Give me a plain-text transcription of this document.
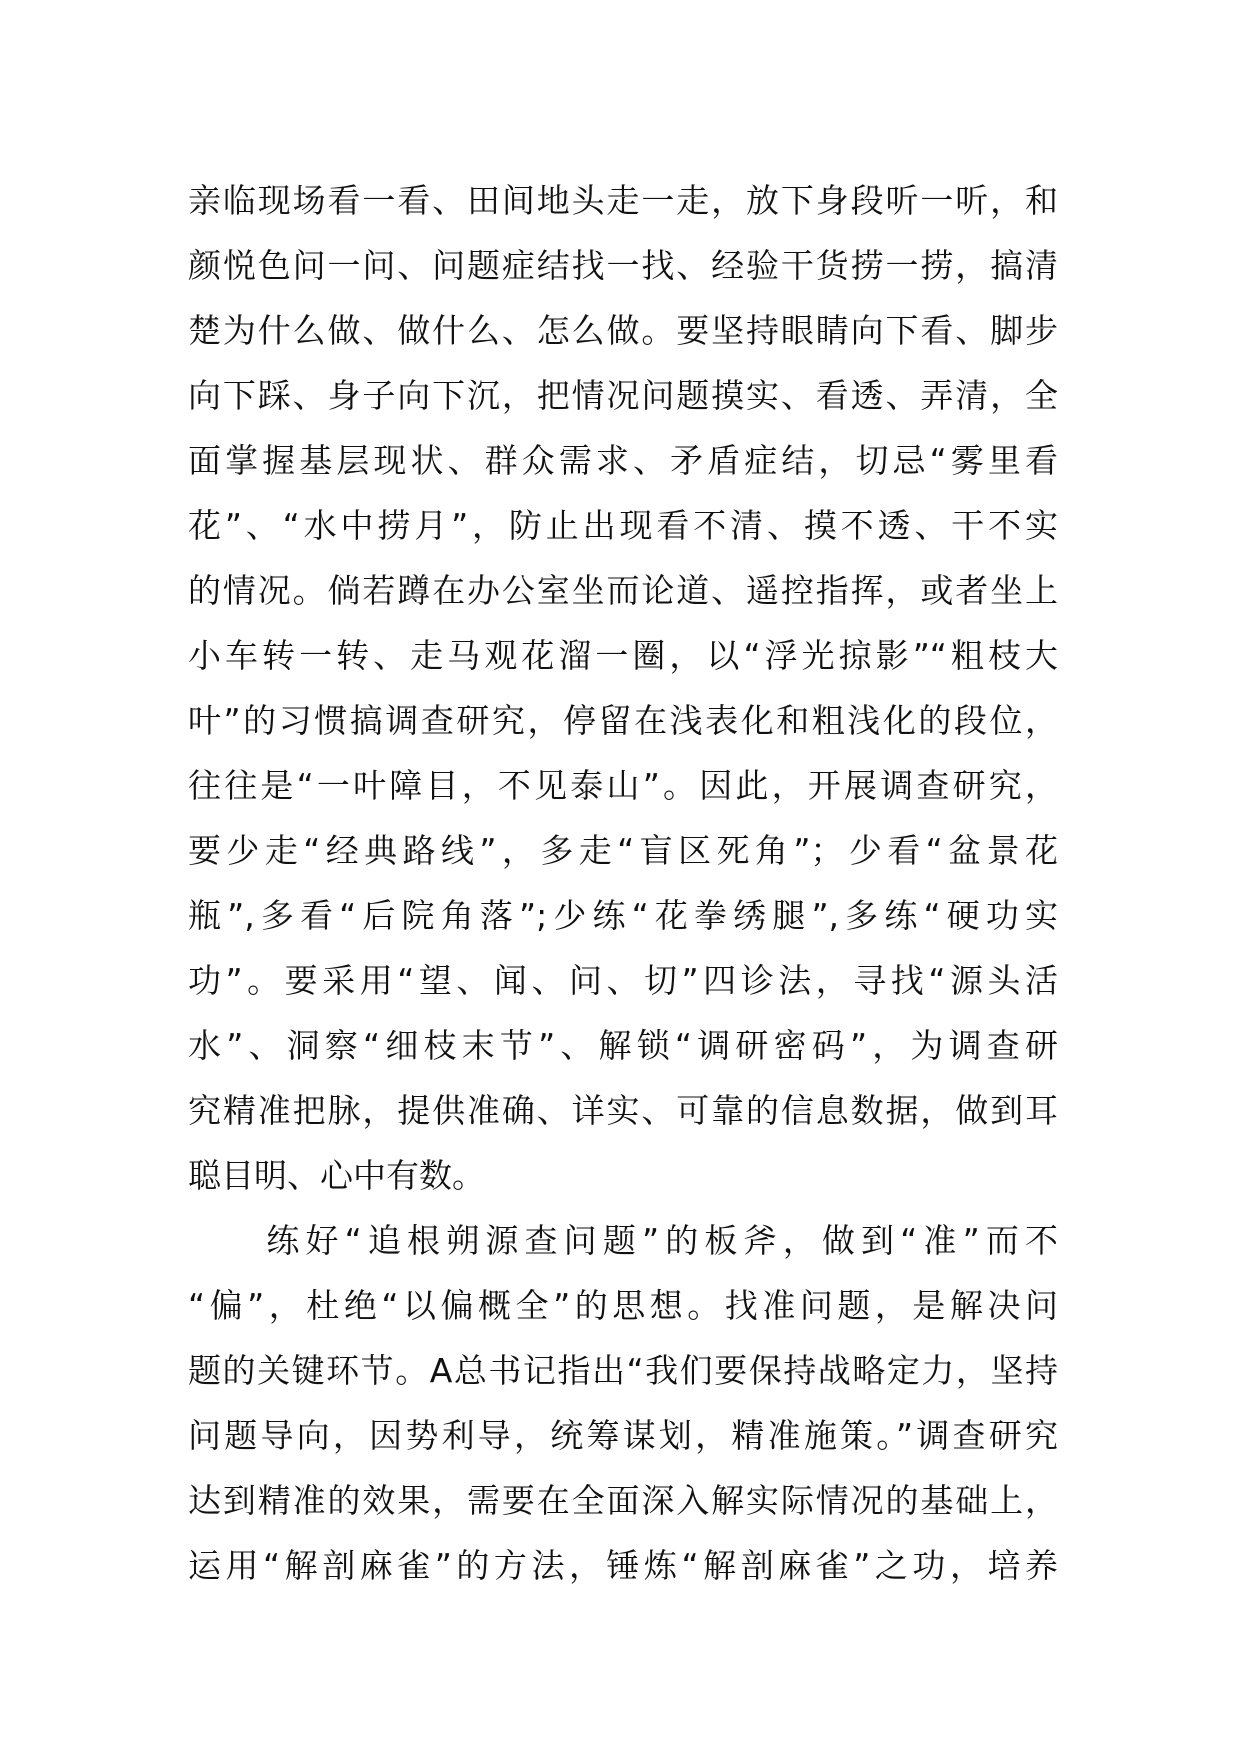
亲临现场看一看、田间地头走一走，放下身段听一听，和
颜悦色问一问、问题症结找一找、经验干货捞一捞，搞清
楚为什么做、做什么、怎么做。要坚持眼睛向下看、脚步
向下踩、身子向下沉，把情况问题摸实、看透、弄清，全
面掌握基层现状、群众需求、矛盾症结，切忌“雾里看
花”、“水中捞月”，防止出现看不清、摸不透、干不实
的情况。倘若蹲在办公室坐而论道、遥控指挥，或者坐上
小车转一转、走马观花溜一圈，以“浮光掠影”“粗枝大
叶”的习惯搞调查研究，停留在浅表化和粗浅化的段位，
往往是“一叶障目，不见泰山”。因此，开展调查研究，
要少走“经典路线”，多走“盲区死角”；少看“盆景花
瓶”,多看“后院角落”;少练“花拳绣腿”,多练“硬功实
功”。要采用“望、闻、问、切”四诊法，寻找“源头活
水”、洞察“细枝末节”、解锁“调研密码”，为调查研
究精准把脉，提供准确、详实、可靠的信息数据，做到耳
聪目明、心中有数。
　　练好“追根朔源查问题”的板斧，做到“准”而不
“偏”，杜绝“以偏概全”的思想。找准问题，是解决问
题的关键环节。A总书记指出“我们要保持战略定力，坚持
问题导向，因势利导，统筹谋划，精准施策。”调查研究
达到精准的效果，需要在全面深入解实际情况的基础上，
运用“解剖麻雀”的方法，锤炼“解剖麻雀”之功，培养
